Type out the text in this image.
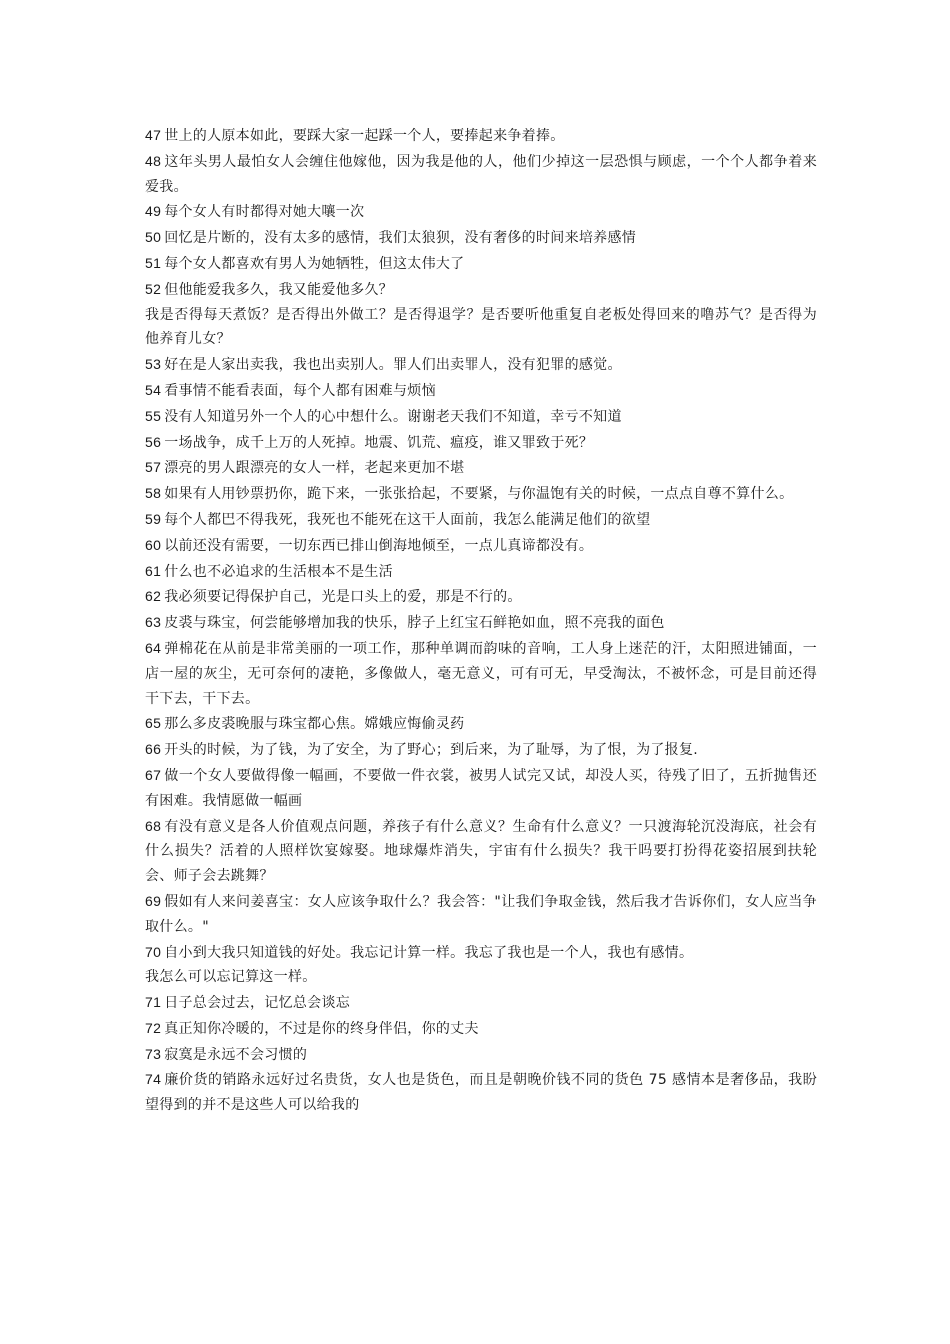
47 世上的人原本如此，要踩大家一起踩一个人，要捧起来争着捧。

48 这年头男人最怕女人会缠住他嫁他，因为我是他的人，他们少掉这一层恐惧与顾虑，一个个人都争着来爱我。

49 每个女人有时都得对她大嚷一次

50 回忆是片断的，没有太多的感情，我们太狼狈，没有奢侈的时间来培养感情

51 每个女人都喜欢有男人为她牺牲，但这太伟大了

52 但他能爱我多久，我又能爱他多久？

我是否得每天煮饭？是否得出外做工？是否得退学？是否要听他重复自老板处得回来的噜苏气？是否得为他养育儿女？

53 好在是人家出卖我，我也出卖别人。罪人们出卖罪人，没有犯罪的感觉。

54 看事情不能看表面，每个人都有困难与烦恼

55 没有人知道另外一个人的心中想什么。谢谢老天我们不知道，幸亏不知道

56 一场战争，成千上万的人死掉。地震、饥荒、瘟疫，谁又罪致于死？

57 漂亮的男人跟漂亮的女人一样，老起来更加不堪

58 如果有人用钞票扔你，跪下来，一张张拾起，不要紧，与你温饱有关的时候，一点点自尊不算什么。

59 每个人都巴不得我死，我死也不能死在这干人面前，我怎么能满足他们的欲望

60 以前还没有需要，一切东西已排山倒海地倾至，一点儿真谛都没有。

61 什么也不必追求的生活根本不是生活

62 我必须要记得保护自己，光是口头上的爱，那是不行的。

63 皮裘与珠宝，何尝能够增加我的快乐，脖子上红宝石鲜艳如血，照不亮我的面色

64 弹棉花在从前是非常美丽的一项工作，那种单调而韵味的音响，工人身上迷茫的汗，太阳照进铺面，一店一屋的灰尘，无可奈何的凄艳，多像做人，毫无意义，可有可无，早受淘汰，不被怀念，可是目前还得干下去，干下去。

65 那么多皮裘晚服与珠宝都心焦。嫦娥应悔偷灵药

66 开头的时候，为了钱，为了安全，为了野心；到后来，为了耻辱，为了恨，为了报复.

67 做一个女人要做得像一幅画，不要做一件衣裳，被男人试完又试，却没人买，待残了旧了，五折抛售还有困难。我情愿做一幅画

68 有没有意义是各人价值观点问题，养孩子有什么意义？生命有什么意义？一只渡海轮沉没海底，社会有什么损失？活着的人照样饮宴嫁娶。地球爆炸消失，宇宙有什么损失？我干吗要打扮得花姿招展到扶轮会、师子会去跳舞？

69 假如有人来问姜喜宝：女人应该争取什么？我会答："让我们争取金钱，然后我才告诉你们，女人应当争取什么。"

70 自小到大我只知道钱的好处。我忘记计算一样。我忘了我也是一个人，我也有感情。

我怎么可以忘记算这一样。

71 日子总会过去，记忆总会谈忘

72 真正知你冷暖的，不过是你的终身伴侣，你的丈夫

73 寂寞是永远不会习惯的

74 廉价货的销路永远好过名贵货，女人也是货色，而且是朝晚价钱不同的货色 75 感情本是奢侈品，我盼望得到的并不是这些人可以给我的
